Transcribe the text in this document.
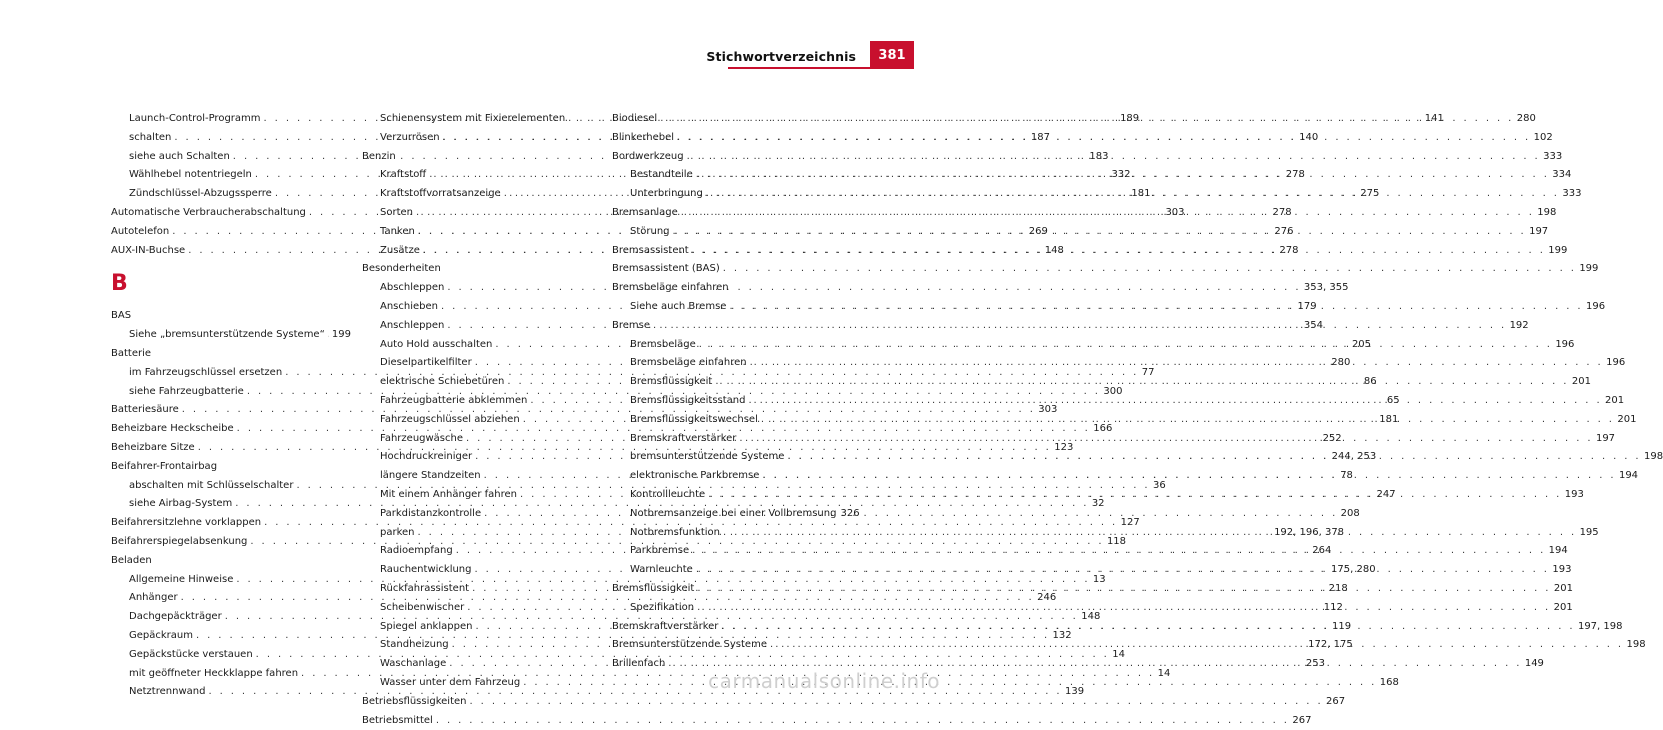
Stichwortverzeichnis	381
Launch-Control-Programm . . .	189
schalten . . .	187
siehe auch Schalten . . .	183
Wählhebel notentriegeln . . .	332
Zündschlüssel-Abzugssperre . . .	181
Automatische Verbraucherabschaltung . . .	303
Autotelefon . . .	269
AUX-IN-Buchse . . .	148
B
BAS
Siehe „bremsunterstützende Systeme“ . . . 199
Batterie
im Fahrzeugschlüssel ersetzen . . .	77
siehe Fahrzeugbatterie . . .	300
Batteriesäure . . .	303
Beheizbare Heckscheibe . . .	166
Beheizbare Sitze . . .	123
Beifahrer-Frontairbag
abschalten mit Schlüsselschalter . . .	36
siehe Airbag-System . . .	32
Beifahrersitzlehne vorklappen . . .	127
Beifahrerspiegelabsenkung . . .	118
Beladen
Allgemeine Hinweise . . .	13
Anhänger . . .	246
Dachgepäckträger . . .	148
Gepäckraum . . .	132
Gepäckstücke verstauen . . .	14
mit geöffneter Heckklappe fahren . . .	14
Netztrennwand . . .	139
Schienensystem mit Fixierelementen . . .	141
Verzurrösen . . .	140
Benzin
Kraftstoff . . .	278
Kraftstoffvorratsanzeige . . .	275
Sorten . . .	278
Tanken . . .	276
Zusätze . . .	278
Besonderheiten
Abschleppen . . .	353, 355
Anschieben . . .	179
Anschleppen . . .	354
Auto Hold ausschalten . . .	205
Dieselpartikelfilter . . .	280
elektrische Schiebetüren . . .	86
Fahrzeugbatterie abklemmen . . .	65
Fahrzeugschlüssel abziehen . . .	181
Fahrzeugwäsche . . .	252
Hochdruckreiniger . . .	244, 253
längere Standzeiten . . .	78
Mit einem Anhänger fahren . . .	247
Parkdistanzkontrolle . . .	208
parken . . .	192, 196, 378
Radioempfang . . .	264
Rauchentwicklung . . .	175, 280
Rückfahrassistent . . .	218
Scheibenwischer . . .	112
Spiegel anklappen . . .	119
Standheizung . . .	172, 175
Waschanlage . . .	253
Wasser unter dem Fahrzeug . . .	168
Betriebsflüssigkeiten . . .	267
Betriebsmittel . . .	267
Biodiesel . . .	280
Blinkerhebel . . .	102
Bordwerkzeug . . .	333
Bestandteile . . .	334
Unterbringung . . .	333
Bremsanlage . . .	198
Störung . . .	197
Bremsassistent . . .	199
Bremsassistent (BAS) . . .	199
Bremsbeläge einfahren
Siehe auch Bremse . . .	196
Bremse . . .	192
Bremsbeläge . . .	196
Bremsbeläge einfahren . . .	196
Bremsflüssigkeit . . .	201
Bremsflüssigkeitsstand . . .	201
Bremsflüssigkeitswechsel . . .	201
Bremskraftverstärker . . .	197
bremsunterstützende Systeme . . .	198
elektronische Parkbremse . . .	194
Kontrollleuchte . . .	193
Notbremsanzeige bei einer Vollbremsung 326
Notbremsfunktion . . .	195
Parkbremse . . .	194
Warnleuchte . . .	193
Bremsflüssigkeit . . .	201
Spezifikation . . .	201
Bremskraftverstärker . . .	197, 198
Bremsunterstützende Systeme . . .	198
Brillenfach . . .	149
carmanualsonline.info
